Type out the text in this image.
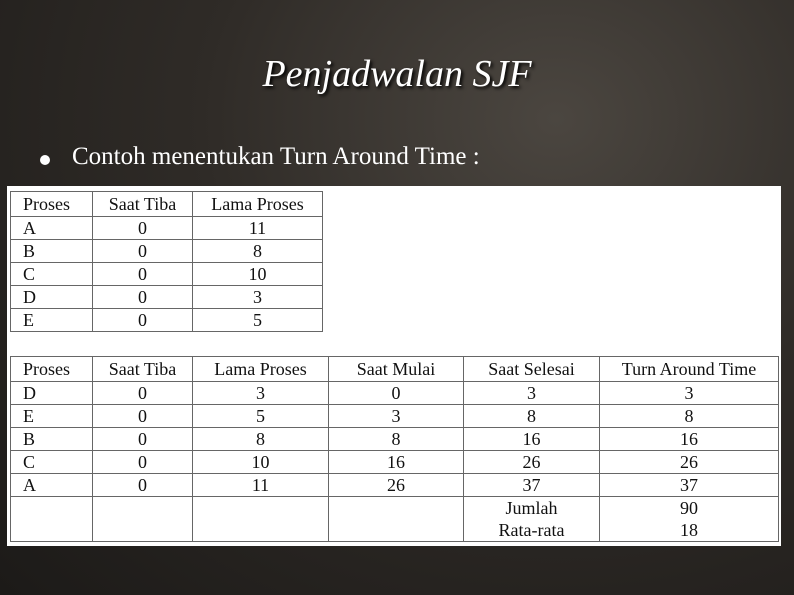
Penjadwalan SJF
Contoh menentukan Turn Around Time :
Proses	Saat Tiba	Lama Proses
A	0	11
B	0	8
C	0	10
D	0	3
E	0	5
Proses	Saat Tiba	Lama Proses	Saat Mulai	Saat Selesai	Turn Around Time
D	0	3	0	3	3
E	0	5	3	8	8
B	0	8	8	16	16
C	0	10	16	26	26
A	0	11	26	37	37
				Jumlah	90
				Rata-rata	18
